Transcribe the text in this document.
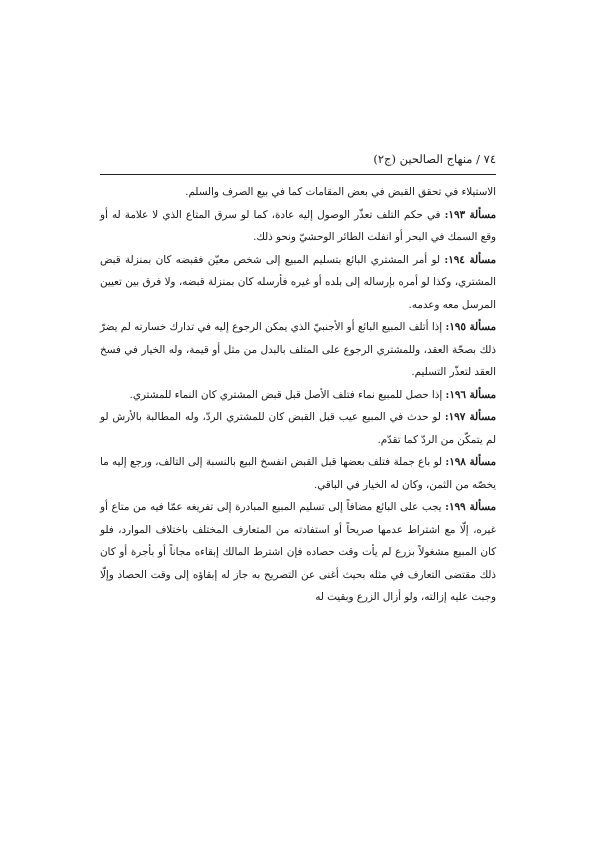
٧٤ / منهاج الصالحين (ج٢)

الاستيلاء في تحقق القبض في بعض المقامات كما في بيع الصرف والسلم.

مسألة ١٩٣: في حكم التلف تعذّر الوصول إليه عادة، كما لو سرق المتاع الذي لا علامة له أو وقع السمك في البحر أو انفلت الطائر الوحشيّ ونحو ذلك.

مسألة ١٩٤: لو أمر المشتري البائع بتسليم المبيع إلى شخص معيّن فقبضه كان بمنزلة قبض المشتري، وكذا لو أمره بإرساله إلى بلده أو غيره فأرسله كان بمنزلة قبضه، ولا فرق بين تعيين المرسل معه وعدمه.

مسألة ١٩٥: إذا أتلف المبيع البائع أو الأجنبيّ الذي يمكن الرجوع إليه في تدارك خسارته لم يضرّ ذلك بصحّة العقد، وللمشتري الرجوع على المتلف بالبدل من مثل أو قيمة، وله الخيار في فسخ العقد لتعذّر التسليم.

مسألة ١٩٦: إذا حصل للمبيع نماء فتلف الأصل قبل قبض المشتري كان النماء للمشتري.

مسألة ١٩٧: لو حدث في المبيع عيب قبل القبض كان للمشتري الردّ، وله المطالبة بالأرش لو لم يتمكّن من الردّ كما تقدّم.

مسألة ١٩٨: لو باع جملة فتلف بعضها قبل القبض انفسخ البيع بالنسبة إلى التالف، ورجع إليه ما يخصّه من الثمن، وكان له الخيار في الباقي.

مسألة ١٩٩: يجب على البائع مضافاً إلى تسليم المبيع المبادرة إلى تفريغه عمّا فيه من متاع أو غيره، إلّا مع اشتراط عدمها صريحاً أو استفادته من المتعارف المختلف باختلاف الموارد، فلو كان المبيع مشغولاً بزرع لم يأت وقت حصاده فإن اشترط المالك إبقاءه مجاناً أو بأجرة أو كان ذلك مقتضى التعارف في مثله بحيث أغنى عن التصريح به جاز له إبقاؤه إلى وقت الحصاد وإلّا وجبت عليه إزالته، ولو أزال الزرع وبقيت له
